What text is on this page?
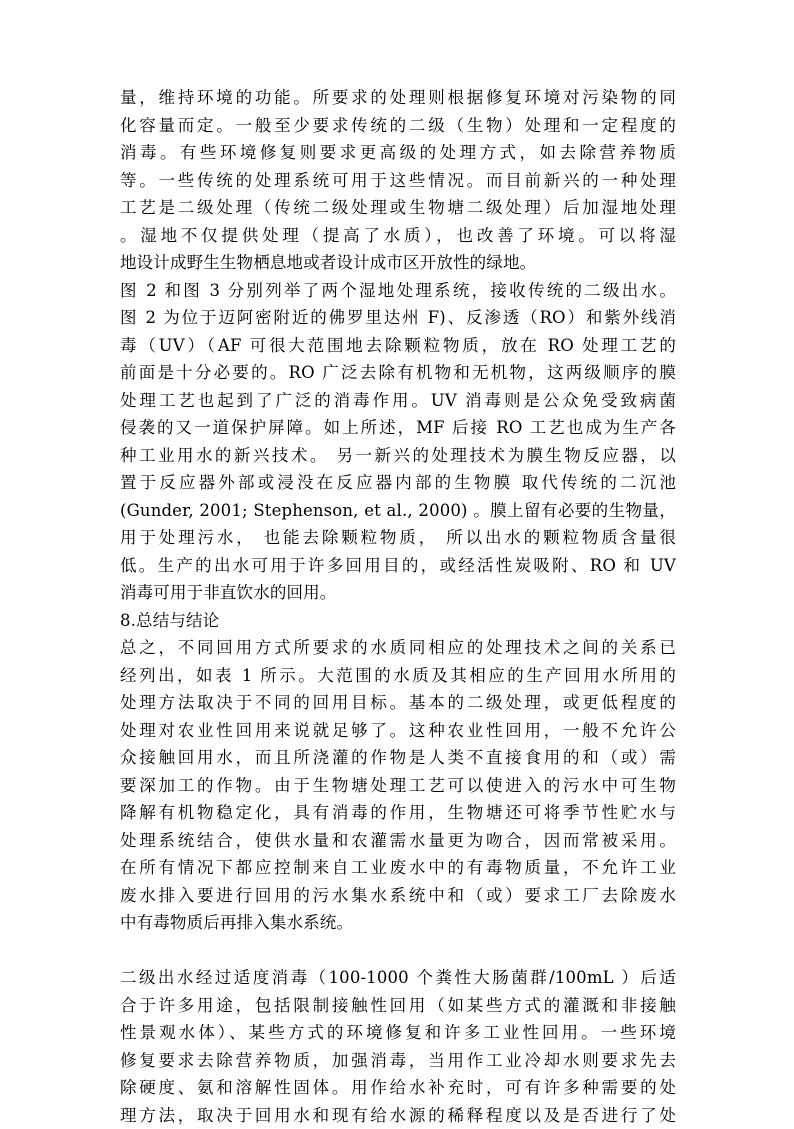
量，维持环境的功能。所要求的处理则根据修复环境对污染物的同
化容量而定。一般至少要求传统的二级（生物）处理和一定程度的
消毒。有些环境修复则要求更高级的处理方式，如去除营养物质
等。一些传统的处理系统可用于这些情况。而目前新兴的一种处理
工艺是二级处理（传统二级处理或生物塘二级处理）后加湿地处理
。湿地不仅提供处理（提高了水质），也改善了环境。可以将湿
地设计成野生生物栖息地或者设计成市区开放性的绿地。
图 2 和图 3 分别列举了两个湿地处理系统，接收传统的二级出水。
图 2 为位于迈阿密附近的佛罗里达州 F)、反渗透（RO）和紫外线消
毒（UV）（AF 可很大范围地去除颗粒物质，放在 RO 处理工艺的
前面是十分必要的。RO 广泛去除有机物和无机物，这两级顺序的膜
处理工艺也起到了广泛的消毒作用。UV 消毒则是公众免受致病菌
侵袭的又一道保护屏障。如上所述，MF 后接 RO 工艺也成为生产各
种工业用水的新兴技术。 另一新兴的处理技术为膜生物反应器，以
置于反应器外部或浸没在反应器内部的生物膜 取代传统的二沉池
(Gunder, 2001; Stephenson, et al., 2000) 。膜上留有必要的生物量，
用于处理污水， 也能去除颗粒物质， 所以出水的颗粒物质含量很
低。生产的出水可用于许多回用目的，或经活性炭吸附、RO 和 UV
消毒可用于非直饮水的回用。
8.总结与结论
总之，不同回用方式所要求的水质同相应的处理技术之间的关系已
经列出，如表 1 所示。大范围的水质及其相应的生产回用水所用的
处理方法取决于不同的回用目标。基本的二级处理，或更低程度的
处理对农业性回用来说就足够了。这种农业性回用，一般不允许公
众接触回用水，而且所浇灌的作物是人类不直接食用的和（或）需
要深加工的作物。由于生物塘处理工艺可以使进入的污水中可生物
降解有机物稳定化，具有消毒的作用，生物塘还可将季节性贮水与
处理系统结合，使供水量和农灌需水量更为吻合，因而常被采用。
在所有情况下都应控制来自工业废水中的有毒物质量，不允许工业
废水排入要进行回用的污水集水系统中和（或）要求工厂去除废水
中有毒物质后再排入集水系统。
二级出水经过适度消毒（100-1000 个粪性大肠菌群/100mL ）后适
合于许多用途，包括限制接触性回用（如某些方式的灌溉和非接触
性景观水体）、某些方式的环境修复和许多工业性回用。一些环境
修复要求去除营养物质，加强消毒，当用作工业冷却水则要求先去
除硬度、氨和溶解性固体。用作给水补充时，可有许多种需要的处
理方法，取决于回用水和现有给水源的稀释程度以及是否进行了处
